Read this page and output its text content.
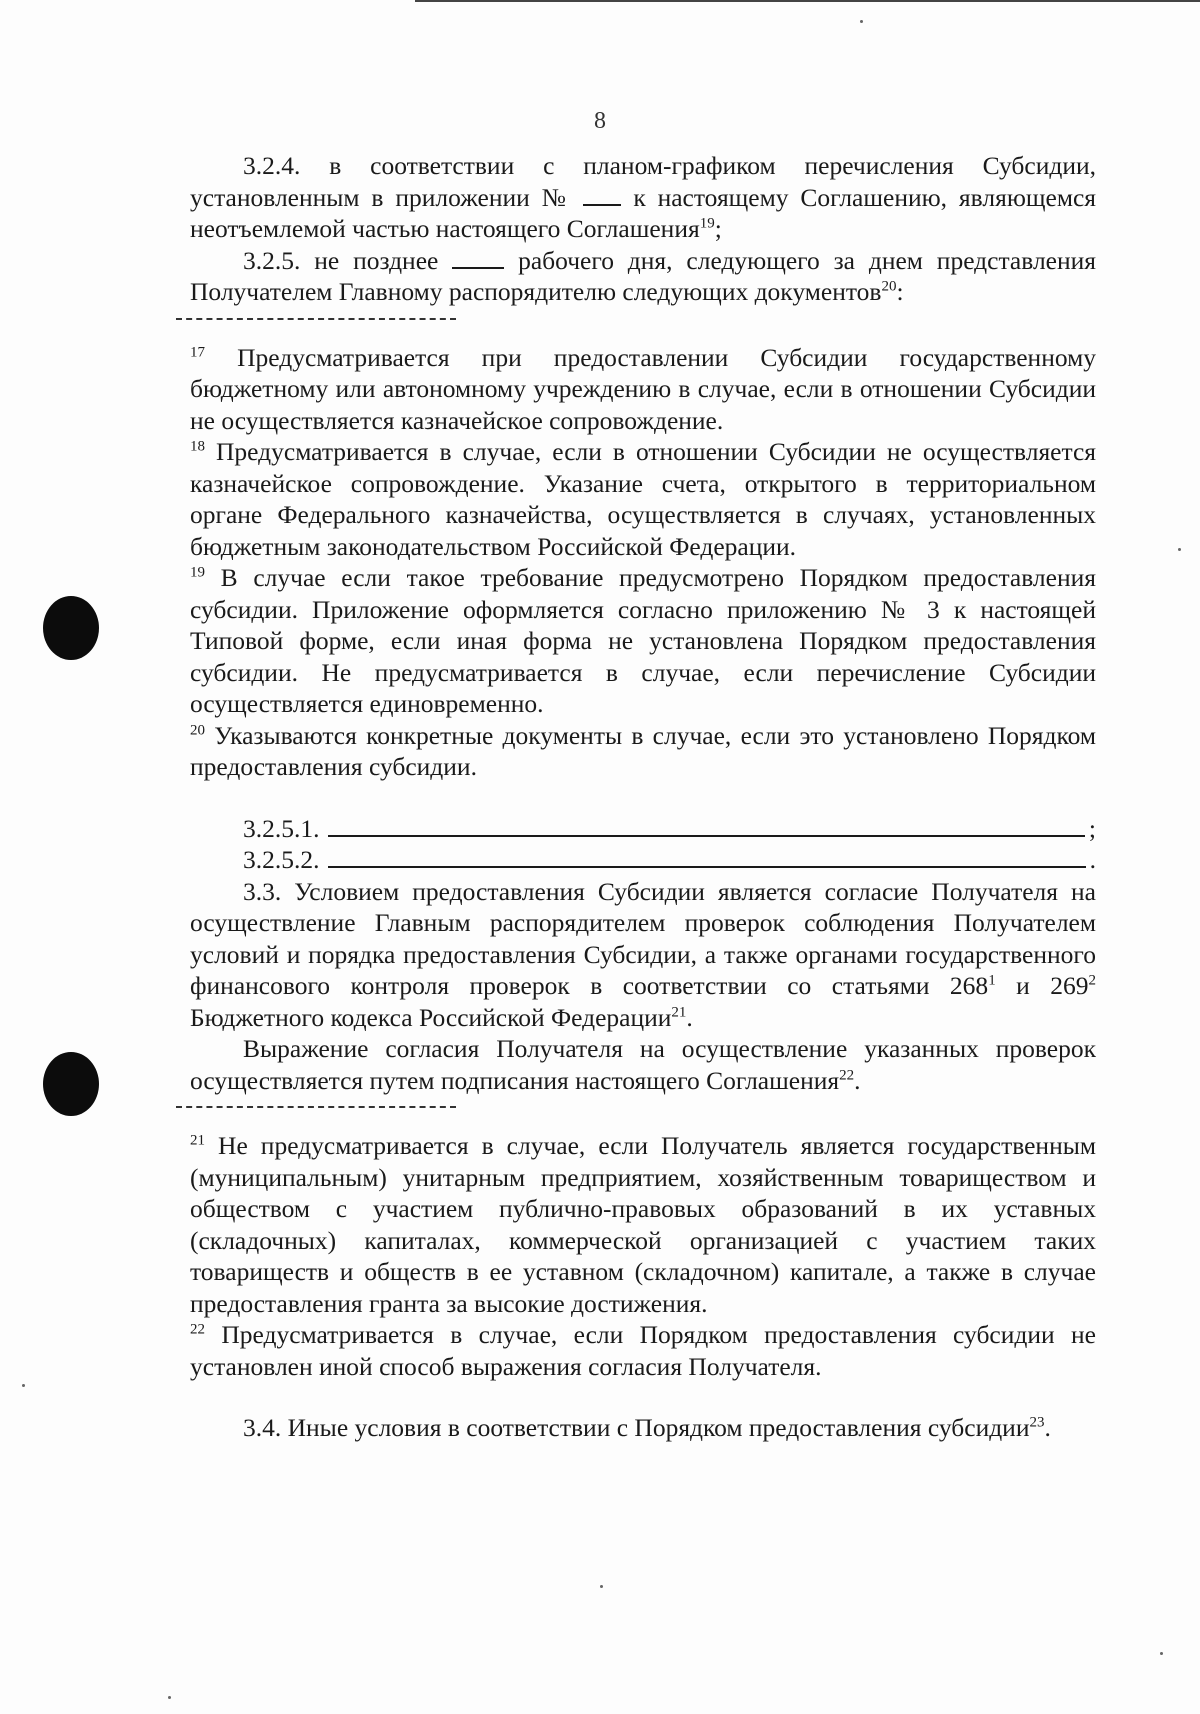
8

3.2.4. в соответствии с планом-графиком перечисления Субсидии, установленным в приложении № к настоящему Соглашению, являющемся неотъемлемой частью настоящего Соглашения$^{19}$;

3.2.5. не позднее	рабочего дня, следующего за днем представления Получателем Главному распорядителю следующих документов$^{20}$:

$^{17}$ Предусматривается при предоставлении Субсидии государственному бюджетному или автономному учреждению в случае, если в отношении Субсидии не осуществляется казначейское сопровождение.

$^{18}$ Предусматривается в случае, если в отношении Субсидии не осуществляется казначейское сопровождение. Указание счета, открытого в территориальном органе Федерального казначейства, осуществляется в случаях, установленных бюджетным законодательством Российской Федерации.

$^{19}$ В случае если такое требование предусмотрено Порядком предоставления субсидии. Приложение оформляется согласно приложению № 3 к настоящей Типовой форме, если иная форма не установлена Порядком предоставления субсидии. Не предусматривается в случае, если перечисление Субсидии осуществляется единовременно.

$^{20}$ Указываются конкретные документы в случае, если это установлено Порядком предоставления субсидии.

3.2.5.1.	;
3.2.5.2.	.

3.3. Условием предоставления Субсидии является согласие Получателя на осуществление Главным распорядителем проверок соблюдения Получателем условий и порядка предоставления Субсидии, а также органами государственного финансового контроля проверок в соответствии со статьями $268^1$ и $269^2$ Бюджетного кодекса Российской Федерации$^{21}$.

Выражение согласия Получателя на осуществление указанных проверок осуществляется путем подписания настоящего Соглашения$^{22}$.

$^{21}$ Не предусматривается в случае, если Получатель является государственным (муниципальным) унитарным предприятием, хозяйственным товариществом и обществом с участием публично-правовых образований в их уставных (складочных) капиталах, коммерческой организацией с участием таких товариществ и обществ в ее уставном (складочном) капитале, а также в случае предоставления гранта за высокие достижения.

$^{22}$ Предусматривается в случае, если Порядком предоставления субсидии не установлен иной способ выражения согласия Получателя.

3.4. Иные условия в соответствии с Порядком предоставления субсидии$^{23}$.
